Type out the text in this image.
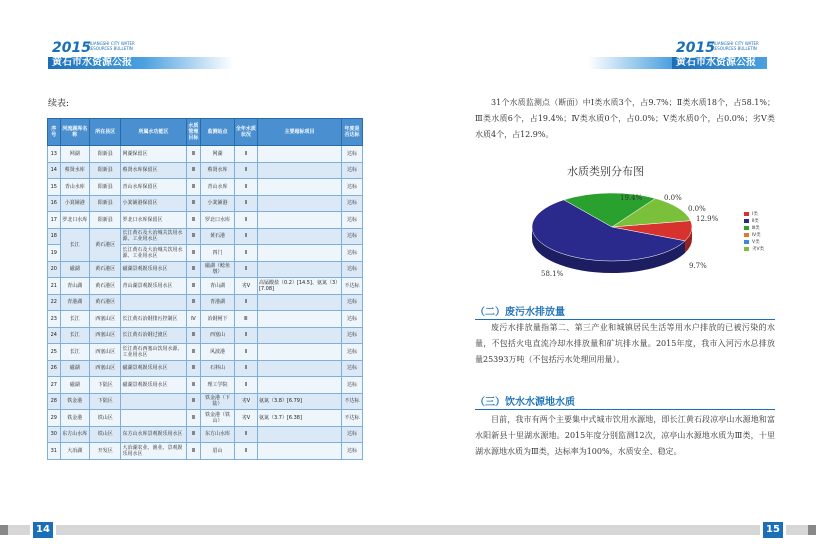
2015
HUANGSHI CITY WATER RESOURCES BULLETIN
黄石市水资源公报
续表:
序号	河流湖库名称	所在县区	所属水功能区	水质管理目标	监测站点	全年水质状况	主要超标项目	年度是否达标
13	网湖	阳新县	网湖保留区	Ⅲ	网湖	Ⅱ		达标
14	蔡贤水库	阳新县	蔡贤水库保留区	Ⅲ	蔡贤水库	Ⅱ		达标
15	青山水库	阳新县	青山水库保留区	Ⅲ	青山水库	Ⅱ		达标
16	小箕铺港	阳新县	小箕铺港保留区	Ⅲ	小箕铺港	Ⅱ		达标
17	罗北口水库	阳新县	罗北口水库保留区	Ⅲ	罗北口水库	Ⅱ		达标
18	长江	黄石港区	长江黄石及大冶城关饮用水源、工业用水区	Ⅲ	黄石港	Ⅱ		达标
19			长江黄石及大冶城关饮用水源、工业用水区	Ⅲ	四门	Ⅱ		达标
20	磁湖	黄石港区	磁湖景观娱乐用水区	Ⅲ	磁湖（鲶鱼墩）	Ⅱ		达标
21	青山湖	黄石港区	青山湖景观娱乐用水区	Ⅲ	青山湖	劣Ⅴ	高锰酸盐（0.2）[14.5]、氨氮（3）[7.08]	不达标
22	青港湖	黄石港区		Ⅲ	青港湖	Ⅱ		达标
23	长江	西塞山区	长江黄石冶钢排污控制区	Ⅳ	冶钢闸下	Ⅲ		达标
24	长江	西塞山区	长江黄石冶钢过渡区	Ⅲ	西塞山	Ⅱ		达标
25	长江	西塞山区	长江黄石西塞山饮用水源、工业用水区	Ⅲ	风波港	Ⅱ		达标
26	磁湖	西塞山区	磁湖景观娱乐用水区	Ⅲ	石料山	Ⅱ		达标
27	磁湖	下陆区	磁湖景观娱乐用水区	Ⅲ	理工学院	Ⅱ		达标
28	铁金港	下陆区		Ⅲ	铁金港（下陆）	劣Ⅴ	氨氮（3.8）[6.79]	不达标
29	铁金港	铁山区		Ⅲ	铁金港（铁山）	劣Ⅴ	氨氮（3.7）[6.38]	不达标
30	东方山水库	铁山区	东方山水库景观娱乐用水区	Ⅲ	东方山水库	Ⅱ		达标
31	大冶湖	开发区	大冶湖农业、渔业、景观娱乐用水区	Ⅲ	眉山	Ⅱ		达标
14
2015
HUANGSHI CITY WATER RESOURCES BULLETIN
黄石市水资源公报
31个水质监测点（断面）中Ⅰ类水质3个，占9.7%；Ⅱ类水质18个，占58.1%；Ⅲ类水质6个，占19.4%；Ⅳ类水质0个，占0.0%；Ⅴ类水质0个，占0.0%；劣Ⅴ类水质4个，占12.9%。
15
水质类别分布图
Ⅰ类
Ⅱ类
Ⅲ类
Ⅳ类
Ⅴ类
劣Ⅴ类
9.7%
58.1%
19.4%	0.0%
0.0%
12.9%
（二）废污水排放量
废污水排放量指第二、第三产业和城镇居民生活等用水户排放的已被污染的水量，不包括火电直流冷却水排放量和矿坑排水量。2015年度，我市入河污水总排放量25393万吨（不包括污水处理回用量）。
（三）饮水水源地水质
目前，我市有两个主要集中式城市饮用水源地，即长江黄石段凉亭山水源地和富水阳新县十里湖水源地。2015年度分别监测12次，凉亭山水源地水质为Ⅲ类，十里湖水源地水质为Ⅲ类，达标率为100%，水质安全、稳定。
